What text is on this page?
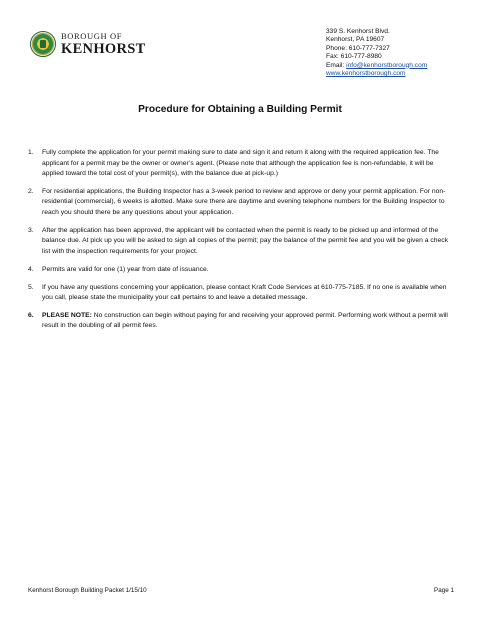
BOROUGH OF
KENHORST
339 S. Kenhorst Blvd.
Kenhorst, PA 19607
Phone: 610-777-7327
Fax: 610-777-8980
Email: info@kenhorstborough.com
www.kenhorstborough.com
Procedure for Obtaining a Building Permit
1.	Fully complete the application for your permit making sure to date and sign it and return it along with the required application fee. The applicant for a permit may be the owner or owner’s agent. (Please note that although the application fee is non-refundable, it will be applied toward the total cost of your permit(s), with the balance due at pick-up.)
2.	For residential applications, the Building Inspector has a 3-week period to review and approve or deny your permit application. For non-residential (commercial), 6 weeks is allotted. Make sure there are daytime and evening telephone numbers for the Building Inspector to reach you should there be any questions about your application.
3.	After the application has been approved, the applicant will be contacted when the permit is ready to be picked up and informed of the balance due. At pick up you will be asked to sign all copies of the permit; pay the balance of the permit fee and you will be given a check list with the inspection requirements for your project.
4.	Permits are valid for one (1) year from date of issuance.
5.	If you have any questions concerning your application, please contact Kraft Code Services at 610-775-7185. If no one is available when you call, please state the municipality your call pertains to and leave a detailed message.
6.	PLEASE NOTE: No construction can begin without paying for and receiving your approved permit. Performing work without a permit will result in the doubling of all permit fees.
Kenhorst Borough Building Packet 1/15/10	Page 1
